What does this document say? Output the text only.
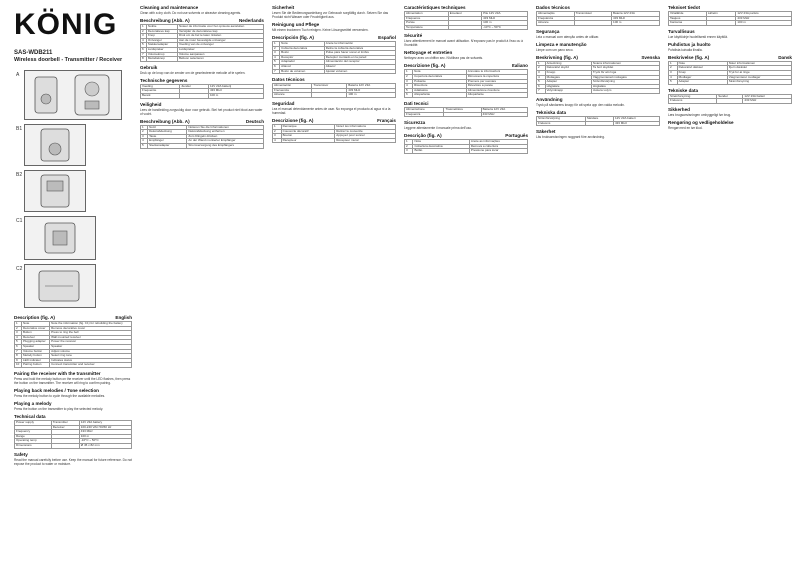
KÖNIG
SAS-WDB211
Wireless doorbell - Transmitter / Receiver
A
B1
B2
C1
C2
Description (fig. A)	English
1	Note	Note the information (fig. C1) for rebuilding the battery
2	Decorative cover	Remove decorative cover
3	Button	Press to ring the bell
4	Receiver	Wall mounted receiver
5	Plugging adapter	Power the receiver
6	Speaker	Speaker
7	Volume button	Adjust volume
8	Melody button	Select ring tone
9	LED indicator	Indicates status
10	Pairing button	Connect transmitter and receiver
Pairing the receiver with the transmitter
Press and hold the melody button on the receiver until the LED flashes, then press the button on the transmitter. The receiver will ring to confirm pairing.
Playing back melodies / Tone selection
Press the melody button to cycle through the available melodies.
Playing a melody
Press the button on the transmitter to play the selected melody.
Technical data
Power supply	Transmitter	12V 23A battery
	Receiver	100-240 VAC 50/60 Hz
Frequency		433 MHz
Range		100 m
Operating temp		-10°C ~ 50°C
Dimensions		Ø 45 x 82 mm
Safety
Read the manual carefully before use. Keep the manual for future reference. Do not expose the product to water or moisture.
Cleaning and maintenance
Clean with a dry cloth. Do not use solvents or abrasive cleaning agents.
Beschreibung (Abb. A)	Nederlands
1	Notitie	Noteer de informatie voor het opnieuw aansluiten
2	Decoratieve kap	Verwijder de decoratieve kap
3	Knop	Druk om de bel te laten rinkelen
4	Ontvanger	Aan de muur bevestigde ontvanger
5	Stekkeradapter	Voeding van de ontvanger
6	Luidspreker	Luidspreker
7	Volumeknop	Volume aanpassen
8	Melodieknop	Beltoon selecteren
Gebruik
Druk op de knop van de zender om de geselecteerde melodie af te spelen.
Technische gegevens
Voeding	Zender	12V 23A batterij
Frequentie		433 MHz
Bereik		100 m
Veiligheid
Lees de handleiding zorgvuldig door voor gebruik. Stel het product niet bloot aan water of vocht.
Beschreibung (Abb. A)	Deutsch
1	Notiz	Notieren Sie die Informationen
2	Dekorabdeckung	Dekorabdeckung entfernen
3	Taste	Zum Klingeln drücken
4	Empfänger	An der Wand montierter Empfänger
5	Steckeradapter	Stromversorgung des Empfängers
Sicherheit
Lesen Sie die Bedienungsanleitung vor Gebrauch sorgfältig durch. Setzen Sie das Produkt nicht Wasser oder Feuchtigkeit aus.
Reinigung und Pflege
Mit einem trockenen Tuch reinigen. Keine Lösungsmittel verwenden.
Descripción (fig. A)	Español
1	Nota	Anote la información
2	Cubierta decorativa	Retire la cubierta decorativa
3	Botón	Pulse para hacer sonar el timbre
4	Receptor	Receptor montado en la pared
5	Adaptador	Alimentación del receptor
6	Altavoz	Altavoz
7	Botón de volumen	Ajustar volumen
Datos técnicos
Alimentación	Transmisor	Batería 12V 23A
Frecuencia		433 MHz
Alcance		100 m
Seguridad
Lea el manual detenidamente antes de usar. No exponga el producto al agua ni a la humedad.
Descrizione (fig. A)	Français
1	Remarque	Notez les informations
2	Couvercle décoratif	Retirez le couvercle
3	Bouton	Appuyez pour sonner
4	Récepteur	Récepteur mural
Caractéristiques techniques
Alimentation	Émetteur	Pile 12V 23A
Fréquence		433 MHz
Portée		100 m
Température		-10°C ~ 50°C
Sécurité
Lisez attentivement le manuel avant utilisation. N'exposez pas le produit à l'eau ou à l'humidité.
Nettoyage et entretien
Nettoyez avec un chiffon sec. N'utilisez pas de solvants.
Descrizione (fig. A)	Italiano
1	Nota	Annotare le informazioni
2	Copertura decorativa	Rimuovere la copertura
3	Pulsante	Premere per suonare
4	Ricevitore	Ricevitore a parete
5	Adattatore	Alimentazione ricevitore
6	Altoparlante	Altoparlante
Dati tecnici
Alimentazione	Trasmettitore	Batteria 12V 23A
Frequenza		433 MHz
Sicurezza
Leggere attentamente il manuale prima dell'uso.
Descrição (fig. A)	Português
1	Nota	Anote as informações
2	Cobertura decorativa	Remova a cobertura
3	Botão	Pressione para tocar
Dados técnicos
Alimentação	Transmissor	Bateria 12V 23A
Frequência		433 MHz
Alcance		100 m
Segurança
Leia o manual com atenção antes de utilizar.
Limpeza e manutenção
Limpe com um pano seco.
Beskrivning (fig. A)	Svenska
1	Anteckning	Notera informationen
2	Dekorativt skydd	Ta bort skyddet
3	Knapp	Tryck för att ringa
4	Mottagare	Väggmonterad mottagare
5	Adapter	Strömförsörjning
6	Högtalare	Högtalare
7	Volymknapp	Justera volym
Användning
Tryck på sändarens knapp för att spela upp den valda melodin.
Tekniska data
Strömförsörjning	Sändare	12V 23A batteri
Frekvens		433 MHz
Säkerhet
Läs bruksanvisningen noggrant före användning.
Tekniset tiedot
Virtalähde	Lähetin	12V 23A paristo
Taajuus		433 MHz
Kantama		100 m
Turvallisuus
Lue käyttöohje huolellisesti ennen käyttöä.
Puhdistus ja huolto
Puhdista kuivalla liinalla.
Beskrivelse (fig. A)	Dansk
1	Note	Noter informationen
2	Dekorativt dæksel	Fjern dækslet
3	Knap	Tryk for at ringe
4	Modtager	Vægmonteret modtager
5	Adapter	Strømforsyning
Tekniske data
Strømforsyning	Sender	12V 23A batteri
Frekvens		433 MHz
Sikkerhed
Læs brugsanvisningen omhyggeligt før brug.
Rengøring og vedligeholdelse
Rengør med en tør klud.
